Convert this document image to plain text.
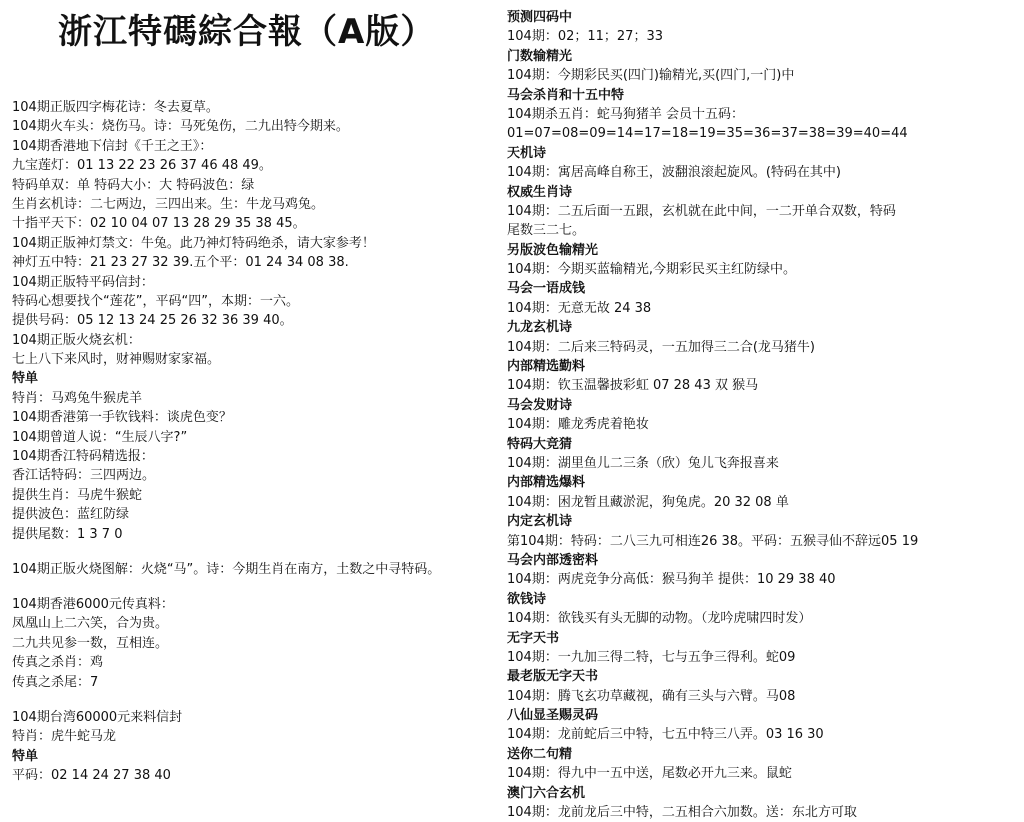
浙江特碼綜合報（A版）
104期正版四字梅花诗：冬去夏草。
104期火车头：烧伤马。诗：马死兔伤，二九出特今期来。
104期香港地下信封《千王之王》：
九宝莲灯：01 13 22 23 26 37 46 48 49。
特码单双：单 特码大小：大 特码波色：绿
生肖玄机诗：二七两边，三四出来。生：牛龙马鸡兔。
十指平天下：02 10 04 07 13 28 29 35 38 45。
104期正版神灯禁文：牛兔。此乃神灯特码绝杀，请大家参考！
神灯五中特：21 23 27 32 39.五个平：01 24 34 08 38.
104期正版特平码信封：
特码心想要找个“莲花”，平码“四”，本期：一六。
提供号码：05 12 13 24 25 26 32 36 39 40。
104期正版火烧玄机：
七上八下来风时，财神赐财家家福。
特单
特肖：马鸡兔牛猴虎羊
104期香港第一手钦钱料：谈虎色变？
104期曾道人说：“生辰八字?”
104期香江特码精选报：
香江话特码：三四两边。
提供生肖：马虎牛猴蛇
提供波色：蓝红防绿
提供尾数：1 3 7 0
104期正版火烧图解：火烧“马”。诗：今期生肖在南方，土数之中寻特码。
104期香港6000元传真料：
凤凰山上二六笑，合为贵。
二九共见参一数，互相连。
传真之杀肖：鸡
传真之杀尾：7
104期台湾60000元来料信封
特肖：虎牛蛇马龙
特单
平码：02 14 24 27 38 40
预测四码中
104期：02；11；27；33
门数输精光
104期：今期彩民买(四门)输精光,买(四门,一门)中
马会杀肖和十五中特
104期杀五肖：蛇马狗猪羊 会员十五码：
01=07=08=09=14=17=18=19=35=36=37=38=39=40=44
天机诗
104期：寓居高峰自称王，波翻浪滚起旋风。(特码在其中)
权威生肖诗
104期：二五后面一五跟，玄机就在此中间，一二开单合双数，特码
尾数三二七。
另版波色输精光
104期：今期买蓝输精光,今期彩民买主红防绿中。
马会一语成钱
104期：无意无故 24 38
九龙玄机诗
104期：二后来三特码灵，一五加得三二合(龙马猪牛)
内部精选勤料
104期：钦玉温馨披彩虹 07 28 43 双 猴马
马会发财诗
104期：雕龙秀虎着艳妆
特码大竞猜
104期：湖里鱼儿二三条（欣）兔儿飞奔报喜来
内部精选爆料
104期：困龙暂且藏淤泥，狗兔虎。20 32 08 单
内定玄机诗
第104期：特码：二八三九可相连26 38。平码：五猴寻仙不辞远05 19
马会内部透密料
104期：两虎竞争分高低：猴马狗羊 提供：10 29 38 40
欲钱诗
104期：欲钱买有头无脚的动物。（龙吟虎啸四时发）
无字天书
104期：一九加三得二特，七与五争三得利。蛇09
最老版无字天书
104期：腾飞玄功草藏视，确有三头与六臂。马08
八仙显圣赐灵码
104期：龙前蛇后三中特，七五中特三八弄。03 16 30
送你二句精
104期：得九中一五中送，尾数必开九三来。鼠蛇
澳门六合玄机
104期：龙前龙后三中特，二五相合六加数。送：东北方可取
